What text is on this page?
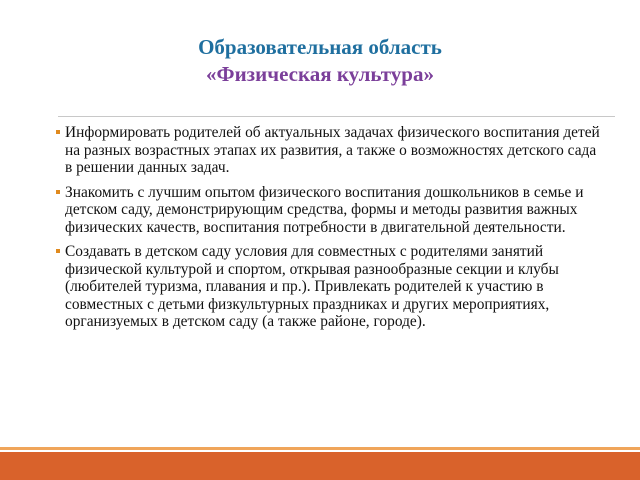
Образовательная область
«Физическая культура»
Информировать родителей об актуальных задачах физического воспитания детей на разных возрастных этапах их развития, а также о возможностях детского сада в решении данных задач.
Знакомить с лучшим опытом физического воспитания дошкольников в семье и детском саду, демонстрирующим средства, формы и методы развития важных физических качеств, воспитания потребности в двигательной деятельности.
Создавать в детском саду условия для совместных с родителями занятий физической культурой и спортом, открывая разнообразные секции и клубы (любителей туризма, плавания и пр.). Привлекать родителей к участию в совместных с детьми физкультурных праздниках и других мероприятиях, организуемых в детском саду (а также районе, городе).
